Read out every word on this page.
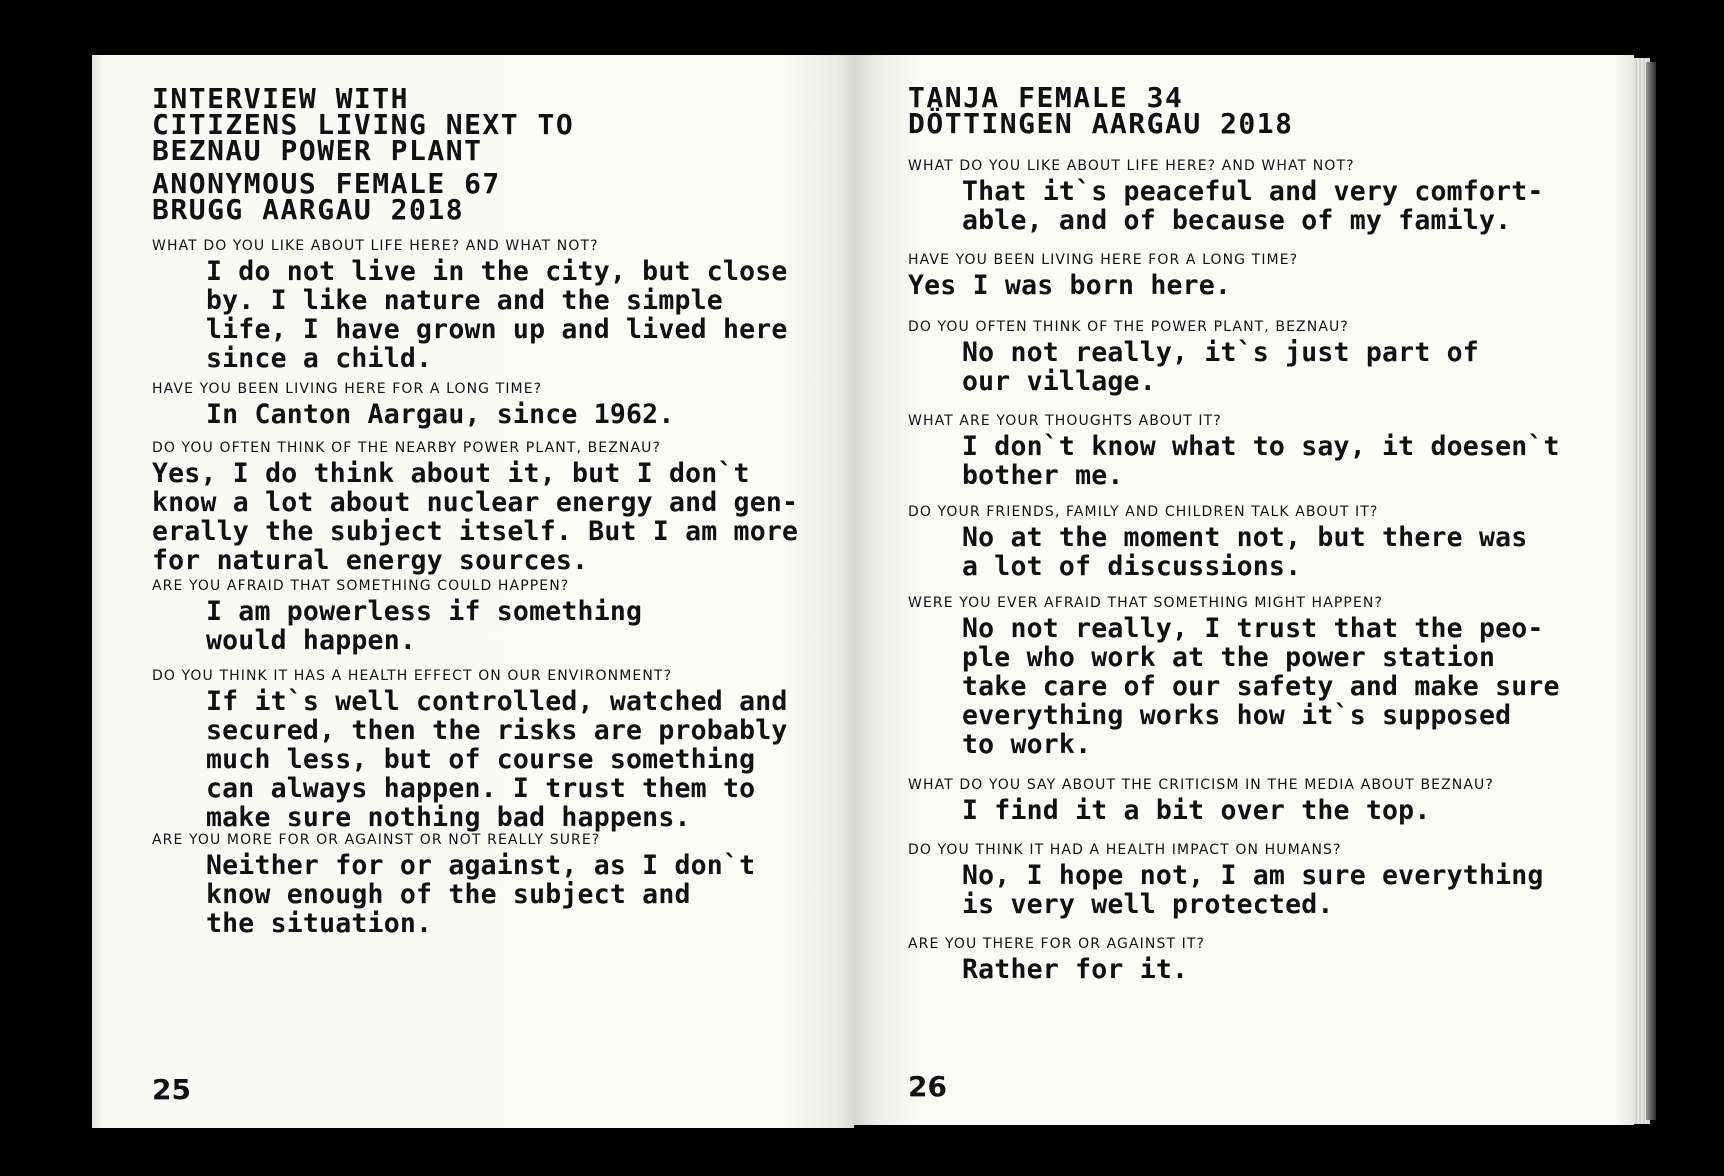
INTERVIEW WITH
CITIZENS LIVING NEXT TO
BEZNAU POWER PLANT

ANONYMOUS FEMALE 67
BRUGG AARGAU 2018

WHAT DO YOU LIKE ABOUT LIFE HERE? AND WHAT NOT?

I do not live in the city, but close
by. I like nature and the simple
life, I have grown up and lived here
since a child.

HAVE YOU BEEN LIVING HERE FOR A LONG TIME?

In Canton Aargau, since 1962.

DO YOU OFTEN THINK OF THE NEARBY POWER PLANT, BEZNAU?

Yes, I do think about it, but I don`t
know a lot about nuclear energy and gen-
erally the subject itself. But I am more
for natural energy sources.

ARE YOU AFRAID THAT SOMETHING COULD HAPPEN?

I am powerless if something
would happen.

DO YOU THINK IT HAS A HEALTH EFFECT ON OUR ENVIRONMENT?

If it`s well controlled, watched and
secured, then the risks are probably
much less, but of course something
can always happen. I trust them to
make sure nothing bad happens.

ARE YOU MORE FOR OR AGAINST OR NOT REALLY SURE?

Neither for or against, as I don`t
know enough of the subject and
the situation.

25

TANJA FEMALE 34
DÖTTINGEN AARGAU 2018

WHAT DO YOU LIKE ABOUT LIFE HERE? AND WHAT NOT?

That it`s peaceful and very comfort-
able, and of because of my family.

HAVE YOU BEEN LIVING HERE FOR A LONG TIME?

Yes I was born here.

DO YOU OFTEN THINK OF THE POWER PLANT, BEZNAU?

No not really, it`s just part of
our village.

WHAT ARE YOUR THOUGHTS ABOUT IT?

I don`t know what to say, it doesen`t
bother me.

DO YOUR FRIENDS, FAMILY AND CHILDREN TALK ABOUT IT?

No at the moment not, but there was
a lot of discussions.

WERE YOU EVER AFRAID THAT SOMETHING MIGHT HAPPEN?

No not really, I trust that the peo-
ple who work at the power station
take care of our safety and make sure
everything works how it`s supposed
to work.

WHAT DO YOU SAY ABOUT THE CRITICISM IN THE MEDIA ABOUT BEZNAU?

I find it a bit over the top.

DO YOU THINK IT HAD A HEALTH IMPACT ON HUMANS?

No, I hope not, I am sure everything
is very well protected.

ARE YOU THERE FOR OR AGAINST IT?

Rather for it.

26
